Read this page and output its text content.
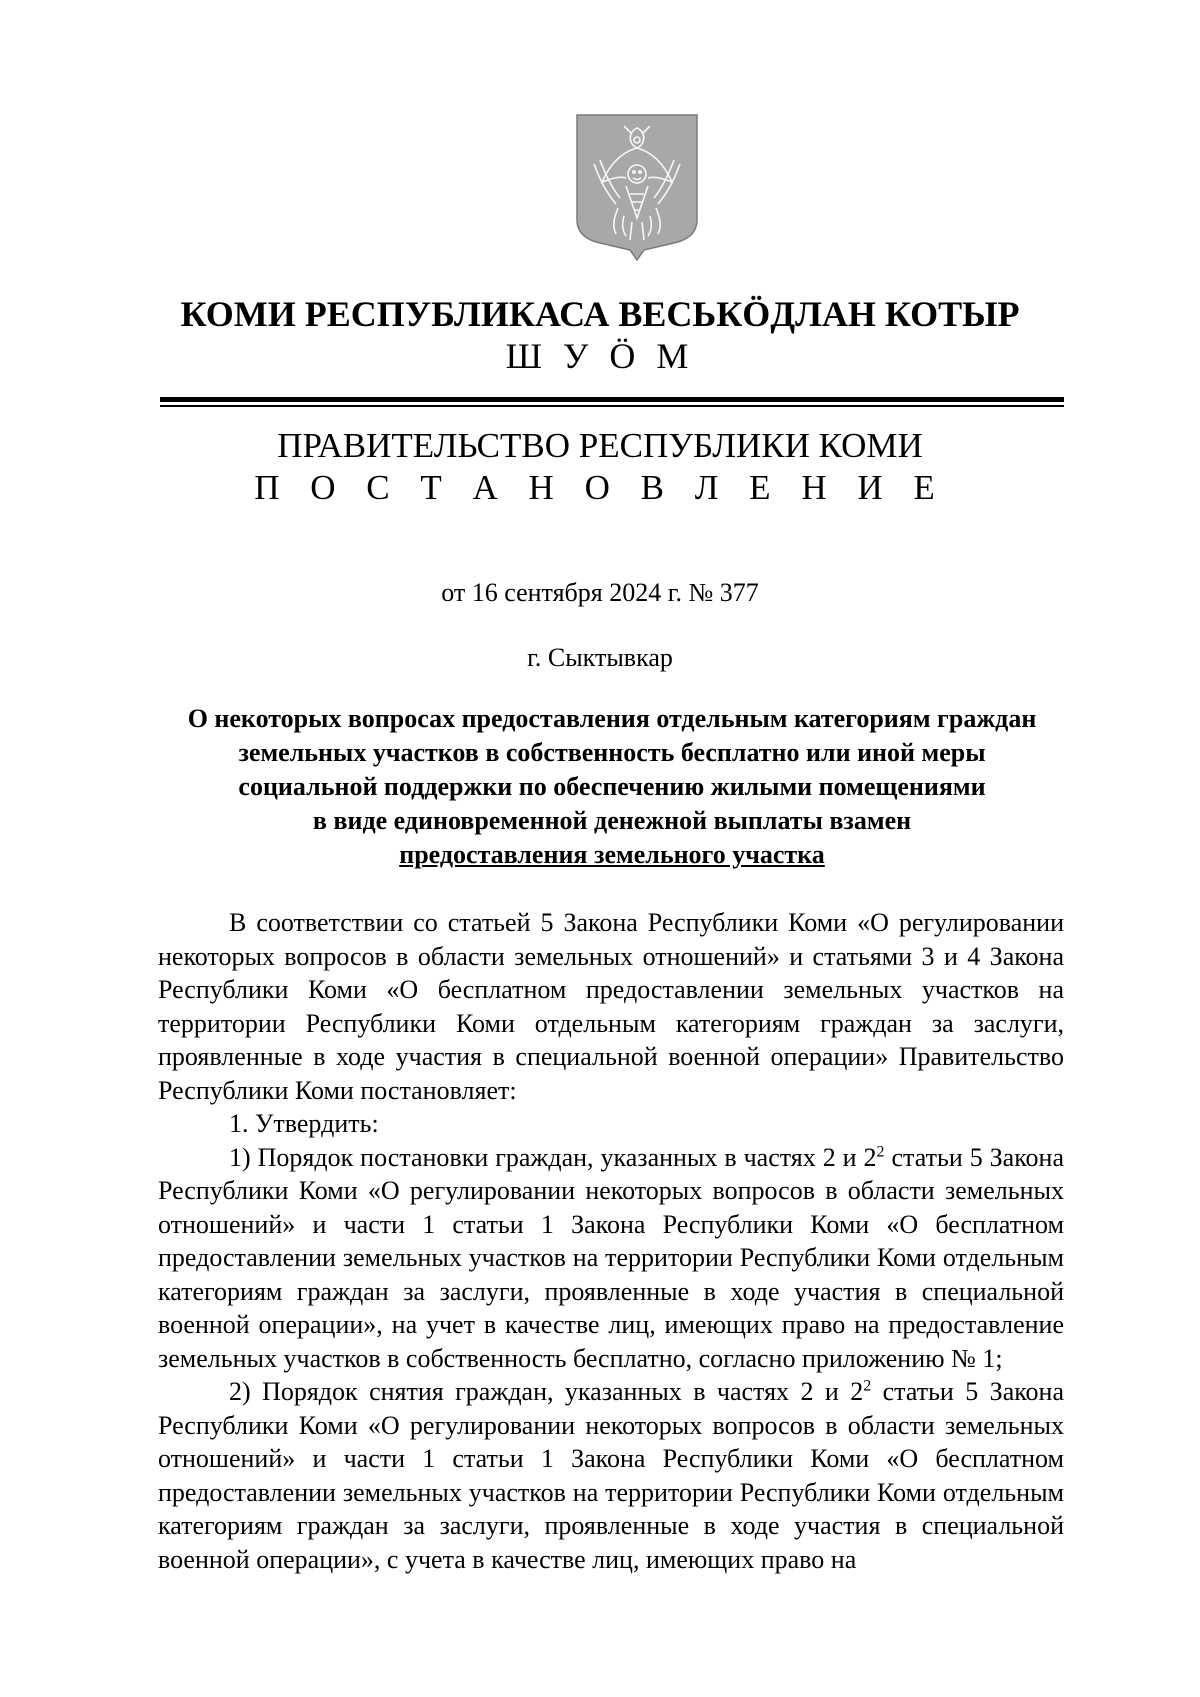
КОМИ РЕСПУБЛИКАСА ВЕСЬКӦДЛАН КОТЫР
Ш У Ӧ М
ПРАВИТЕЛЬСТВО РЕСПУБЛИКИ КОМИ
П О С Т А Н О В Л Е Н И Е
от 16 сентября 2024 г. № 377
г. Сыктывкар
О некоторых вопросах предоставления отдельным категориям граждан
земельных участков в собственность бесплатно или иной меры
социальной поддержки по обеспечению жилыми помещениями
в виде единовременной денежной выплаты взамен
предоставления земельного участка

В соответствии со статьей 5 Закона Республики Коми «О регулировании некоторых вопросов в области земельных отношений» и статьями 3 и 4 Закона Республики Коми «О бесплатном предоставлении земельных участков на территории Республики Коми отдельным категориям граждан за заслуги, проявленные в ходе участия в специальной военной операции» Правительство Республики Коми постановляет:

1. Утвердить:

1) Порядок постановки граждан, указанных в частях 2 и $2^2$ статьи 5 Закона Республики Коми «О регулировании некоторых вопросов в области земельных отношений» и части 1 статьи 1 Закона Республики Коми «О бесплатном предоставлении земельных участков на территории Республики Коми отдельным категориям граждан за заслуги, проявленные в ходе участия в специальной военной операции», на учет в качестве лиц, имеющих право на предоставление земельных участков в собственность бесплатно, согласно приложению № 1;

2) Порядок снятия граждан, указанных в частях 2 и $2^2$ статьи 5 Закона Республики Коми «О регулировании некоторых вопросов в области земельных отношений» и части 1 статьи 1 Закона Республики Коми «О бесплатном предоставлении земельных участков на территории Республики Коми отдельным категориям граждан за заслуги, проявленные в ходе участия в специальной военной операции», с учета в качестве лиц, имеющих право на
